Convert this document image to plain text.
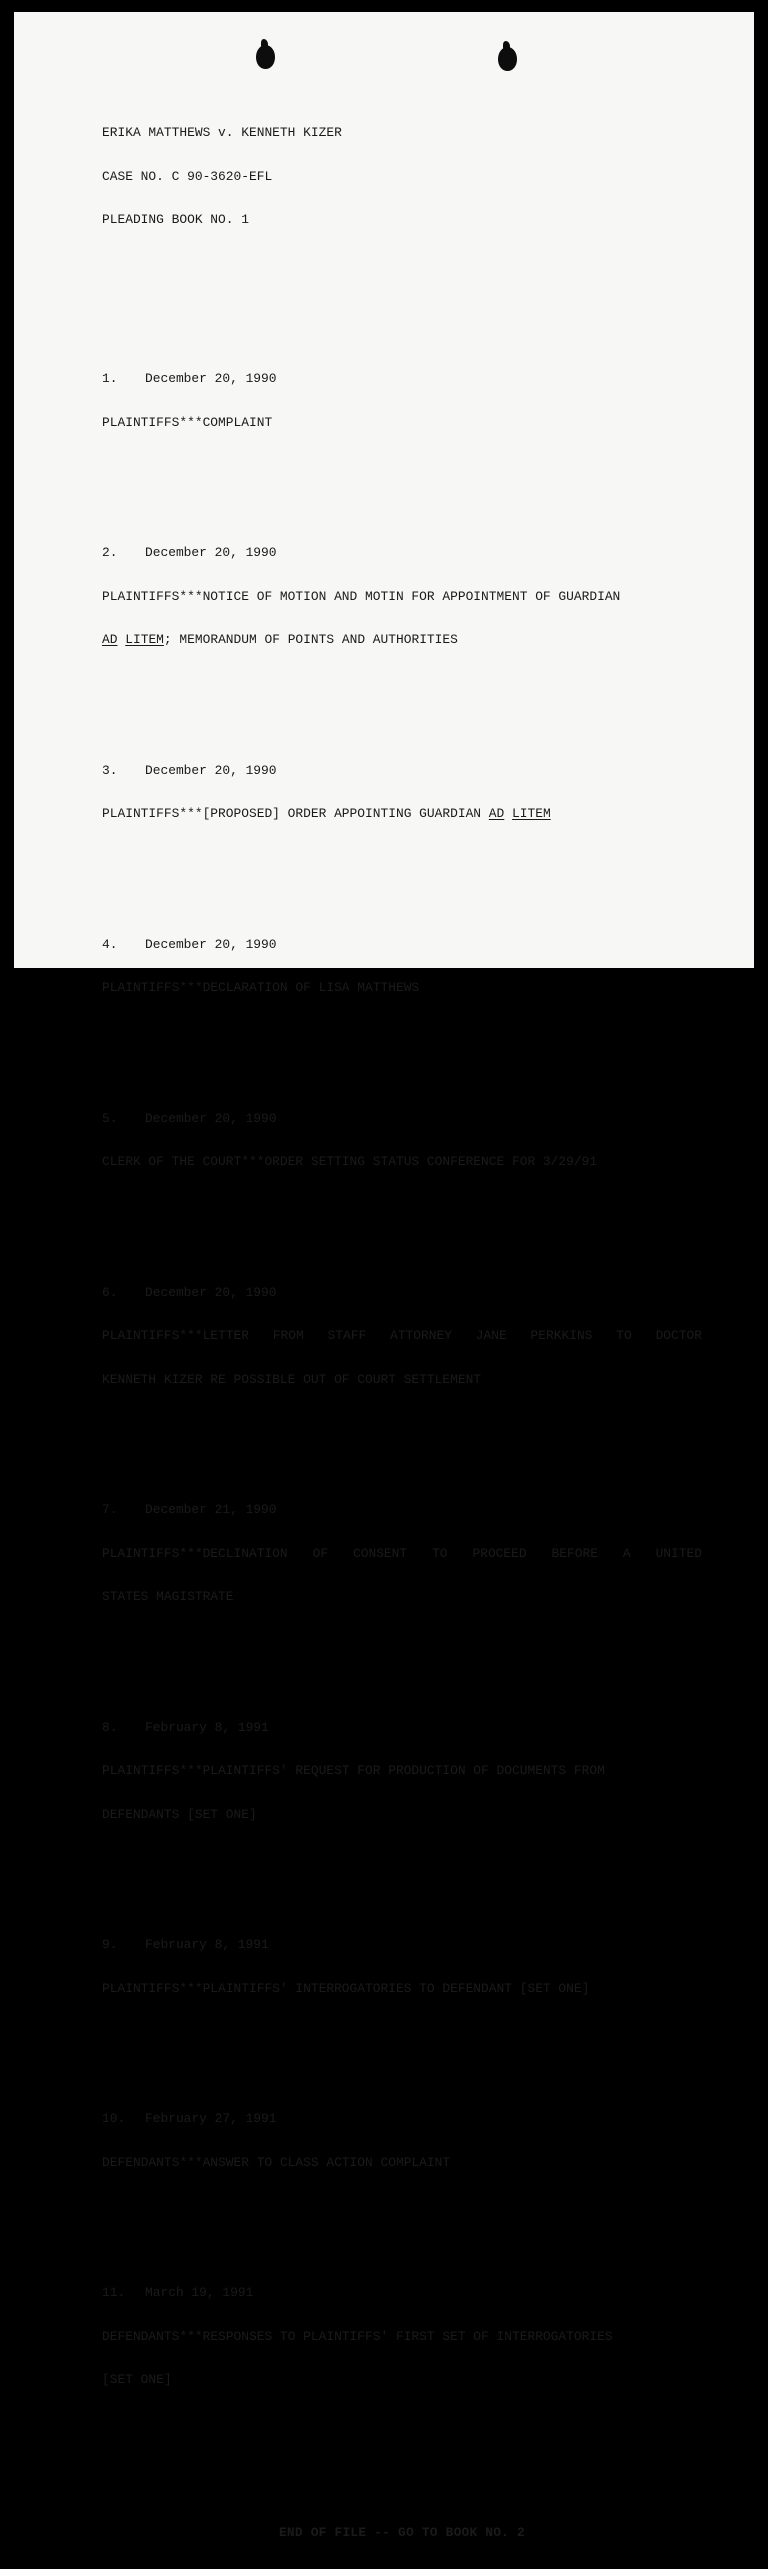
ERIKA MATTHEWS v. KENNETH KIZER

CASE NO. C 90-3620-EFL

PLEADING BOOK NO. 1

1. December 20, 1990

PLAINTIFFS***COMPLAINT

2. December 20, 1990

PLAINTIFFS***NOTICE OF MOTION AND MOTIN FOR APPOINTMENT OF GUARDIAN

AD LITEM; MEMORANDUM OF POINTS AND AUTHORITIES

3. December 20, 1990

PLAINTIFFS***[PROPOSED] ORDER APPOINTING GUARDIAN AD LITEM

4. December 20, 1990

PLAINTIFFS***DECLARATION OF LISA MATTHEWS

5. December 20, 1990

CLERK OF THE COURT***ORDER SETTING STATUS CONFERENCE FOR 3/29/91

6. December 20, 1990

PLAINTIFFS***LETTER FROM STAFF ATTORNEY JANE PERKKINS TO DOCTOR

KENNETH KIZER RE POSSIBLE OUT OF COURT SETTLEMENT

7. December 21, 1990

PLAINTIFFS***DECLINATION OF CONSENT TO PROCEED BEFORE A UNITED

STATES MAGISTRATE

8. February 8, 1991

PLAINTIFFS***PLAINTIFFS' REQUEST FOR PRODUCTION OF DOCUMENTS FROM

DEFENDANTS [SET ONE]

9. February 8, 1991

PLAINTIFFS***PLAINTIFFS' INTERROGATORIES TO DEFENDANT [SET ONE]

10. February 27, 1991

DEFENDANTS***ANSWER TO CLASS ACTION COMPLAINT

11. March 19, 1991

DEFENDANTS***RESPONSES TO PLAINTIFFS' FIRST SET OF INTERROGATORIES

[SET ONE]

END OF FILE -- GO TO BOOK NO. 2
